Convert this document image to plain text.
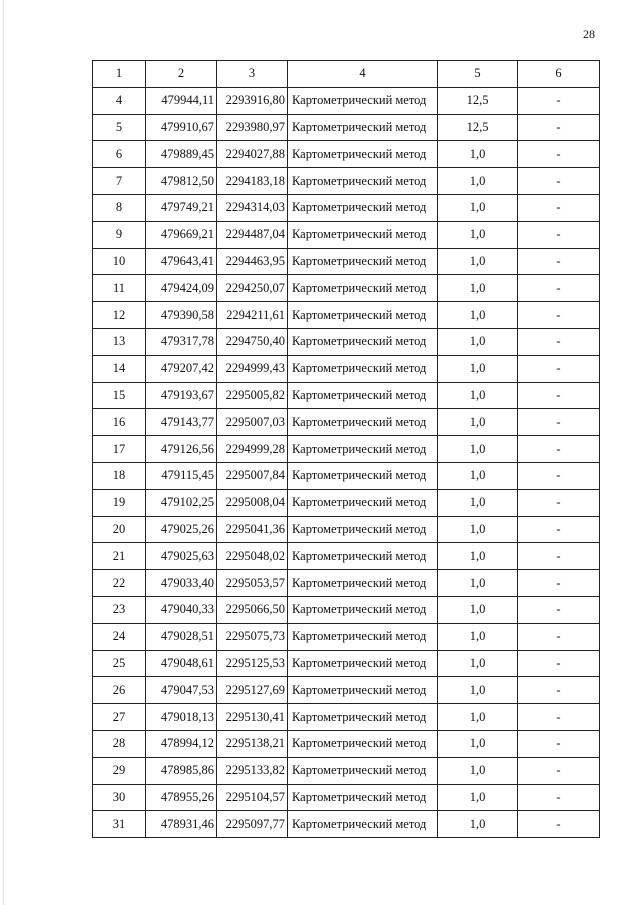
28
1	2	3	4	5	6
4	479944,11	2293916,80	Картометрический метод	12,5	-
5	479910,67	2293980,97	Картометрический метод	12,5	-
6	479889,45	2294027,88	Картометрический метод	1,0	-
7	479812,50	2294183,18	Картометрический метод	1,0	-
8	479749,21	2294314,03	Картометрический метод	1,0	-
9	479669,21	2294487,04	Картометрический метод	1,0	-
10	479643,41	2294463,95	Картометрический метод	1,0	-
11	479424,09	2294250,07	Картометрический метод	1,0	-
12	479390,58	2294211,61	Картометрический метод	1,0	-
13	479317,78	2294750,40	Картометрический метод	1,0	-
14	479207,42	2294999,43	Картометрический метод	1,0	-
15	479193,67	2295005,82	Картометрический метод	1,0	-
16	479143,77	2295007,03	Картометрический метод	1,0	-
17	479126,56	2294999,28	Картометрический метод	1,0	-
18	479115,45	2295007,84	Картометрический метод	1,0	-
19	479102,25	2295008,04	Картометрический метод	1,0	-
20	479025,26	2295041,36	Картометрический метод	1,0	-
21	479025,63	2295048,02	Картометрический метод	1,0	-
22	479033,40	2295053,57	Картометрический метод	1,0	-
23	479040,33	2295066,50	Картометрический метод	1,0	-
24	479028,51	2295075,73	Картометрический метод	1,0	-
25	479048,61	2295125,53	Картометрический метод	1,0	-
26	479047,53	2295127,69	Картометрический метод	1,0	-
27	479018,13	2295130,41	Картометрический метод	1,0	-
28	478994,12	2295138,21	Картометрический метод	1,0	-
29	478985,86	2295133,82	Картометрический метод	1,0	-
30	478955,26	2295104,57	Картометрический метод	1,0	-
31	478931,46	2295097,77	Картометрический метод	1,0	-
